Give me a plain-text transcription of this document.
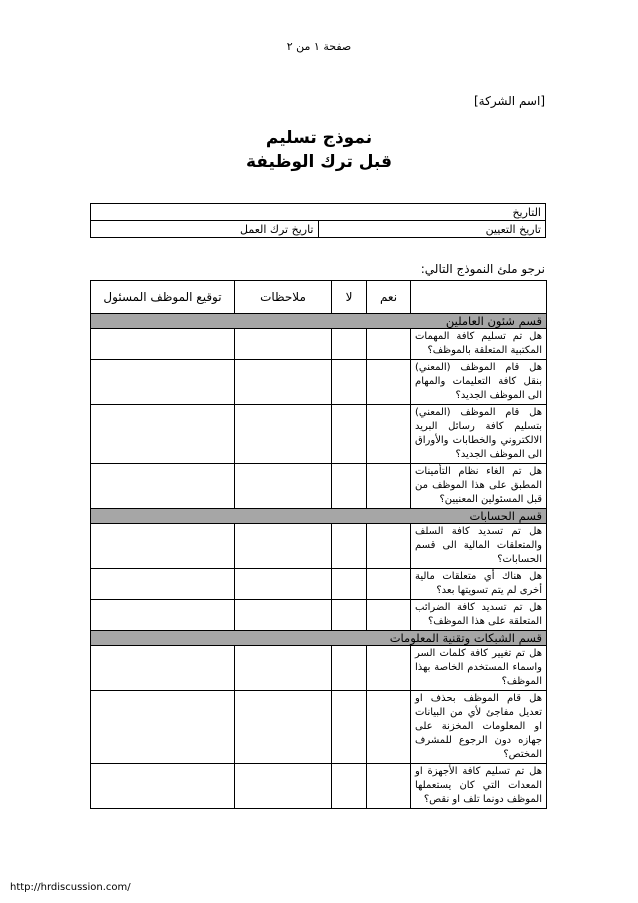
صفحة ١ من ٢
[اسم الشركة]
نموذج تسليم
قبل ترك الوظيفة
التاريخ
تاريخ التعيين	تاريخ ترك العمل
نرجو ملئ النموذج التالي:
	نعم	لا	ملاحظات	توقيع الموظف المسئول
قسم شئون العاملين				
هل تم تسليم كافة المهمات المكتبية المتعلقة بالموظف؟				
هل قام الموظف (المعني) بنقل كافة التعليمات والمهام الى الموظف الجديد؟				
هل قام الموظف (المعني) بتسليم كافة رسائل البريد الالكتروني والخطابات والأوراق الى الموظف الجديد؟				
هل تم الغاء نظام التأمينات المطبق على هذا الموظف من قبل المسئولين المعنيين؟				
قسم الحسابات				
هل تم تسديد كافة السلف والمتعلقات المالية الى قسم الحسابات؟				
هل هناك أي متعلقات مالية أخرى لم يتم تسويتها بعد؟				
هل تم تسديد كافة الضرائب المتعلقة على هذا الموظف؟				
قسم الشبكات وتقنية المعلومات				
هل تم تغيير كافة كلمات السر واسماء المستخدم الخاصة بهذا الموظف؟				
هل قام الموظف بحذف او تعديل مفاجئ لأي من البيانات او المعلومات المخزنة على جهازه دون الرجوع للمشرف المختص؟				
هل تم تسليم كافة الأجهزة او المعدات التي كان يستعملها الموظف دونما تلف او نقص؟				
http://hrdiscussion.com/
